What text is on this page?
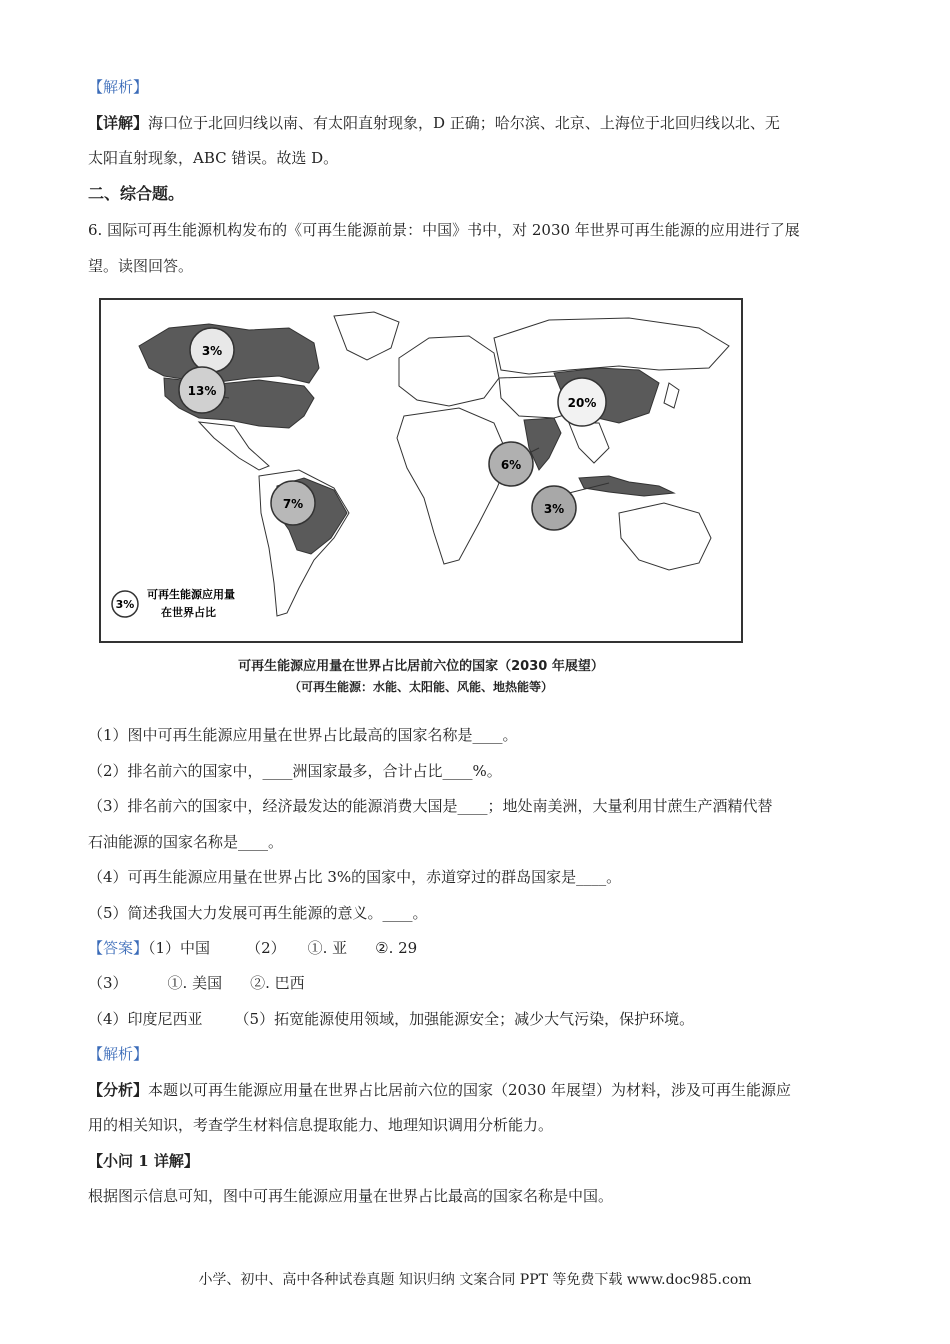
【解析】
【详解】海口位于北回归线以南、有太阳直射现象，D 正确；哈尔滨、北京、上海位于北回归线以北、无
太阳直射现象，ABC 错误。故选 D。
二、综合题。
6. 国际可再生能源机构发布的《可再生能源前景：中国》书中，对 2030 年世界可再生能源的应用进行了展
望。读图回答。
3%
13%
7%
20%
6%
3%
3%
可再生能源应用量
在世界占比
可再生能源应用量在世界占比居前六位的国家（2030 年展望）
（可再生能源：水能、太阳能、风能、地热能等）
（1）图中可再生能源应用量在世界占比最高的国家名称是____。
（2）排名前六的国家中，____洲国家最多，合计占比____%。
（3）排名前六的国家中，经济最发达的能源消费大国是____；地处南美洲，大量利用甘蔗生产酒精代替
石油能源的国家名称是____。
（4）可再生能源应用量在世界占比 3%的国家中，赤道穿过的群岛国家是____。
（5）简述我国大力发展可再生能源的意义。____。
【答案】（1）中国 （2） ①. 亚 ②. 29
（3）	①. 美国 ②. 巴西
（4）印度尼西亚 （5）拓宽能源使用领域，加强能源安全；减少大气污染，保护环境。
【解析】
【分析】本题以可再生能源应用量在世界占比居前六位的国家（2030 年展望）为材料，涉及可再生能源应
用的相关知识，考查学生材料信息提取能力、地理知识调用分析能力。
【小问 1 详解】
根据图示信息可知，图中可再生能源应用量在世界占比最高的国家名称是中国。
小学、初中、高中各种试卷真题 知识归纳 文案合同 PPT 等免费下载 www.doc985.com
